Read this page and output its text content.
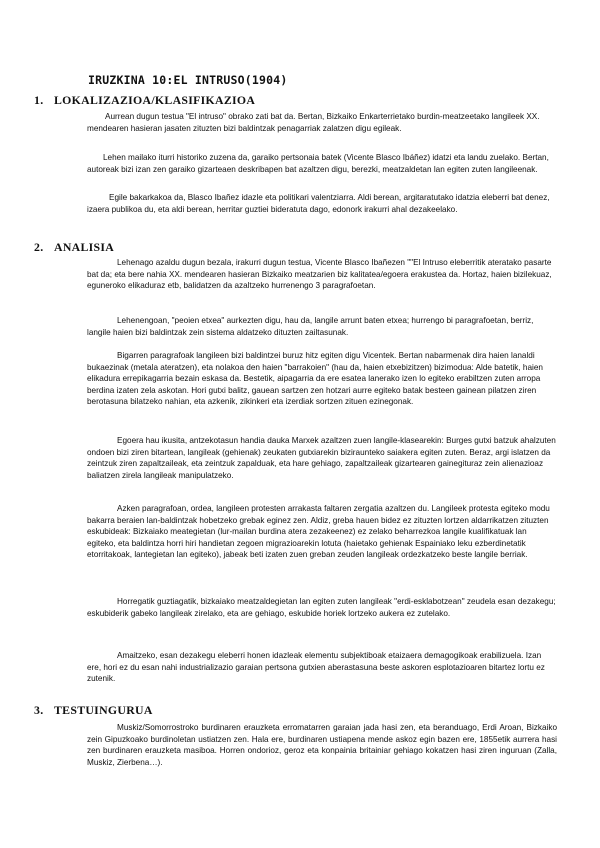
IRUZKINA 10:EL INTRUSO(1904)
1. LOKALIZAZIOA/KLASIFIKAZIOA

Aurrean dugun testua "El intruso" obrako zati bat da. Bertan, Bizkaiko Enkarterrietako burdin-meatzeetako langileek XX. mendearen hasieran jasaten zituzten bizi baldintzak penagarriak zalatzen digu egileak.

Lehen mailako iturri historiko zuzena da, garaiko pertsonaia batek (Vicente Blasco Ibáñez) idatzi eta landu zuelako. Bertan, autoreak bizi izan zen garaiko gizarteaen deskribapen bat azaltzen digu, berezki, meatzaldetan lan egiten zuten langileenak.

Egile bakarkakoa da, Blasco Ibañez idazle eta politikari valentziarra. Aldi berean, argitaratutako idatzia eleberri bat denez, izaera publikoa du, eta aldi berean, herritar guztiei bideratuta dago, edonork irakurri ahal dezakeelako.

2. ANALISIA

Lehenago azaldu dugun bezala, irakurri dugun testua, Vicente Blasco Ibañezen ""El Intruso eleberritik ateratako pasarte bat da; eta bere nahia XX. mendearen hasieran Bizkaiko meatzarien biz kalitatea/egoera erakustea da. Hortaz, haien bizilekuaz, eguneroko elikaduraz etb, balidatzen da azaltzeko hurrenengo 3 paragrafoetan.

Lehenengoan, "peoien etxea" aurkezten digu, hau da, langile arrunt baten etxea; hurrengo bi paragrafoetan, berriz, langile haien bizi baldintzak zein sistema aldatzeko dituzten zailtasunak.

Bigarren paragrafoak langileen bizi baldintzei buruz hitz egiten digu Vicentek. Bertan nabarmenak dira haien lanaldi bukaezinak (metala ateratzen), eta nolakoa den haien "barrakoien" (hau da, haien etxebizitzen) bizimodua: Alde batetik, haien elikadura errepikagarria bezain eskasa da. Bestetik, aipagarria da ere esatea lanerako izen lo egiteko erabiltzen zuten arropa berdina izaten zela askotan. Hori gutxi balitz, gauean sartzen zen hotzari aurre egiteko batak besteen gainean pilatzen ziren berotasuna bilatzeko nahian, eta azkenik, zikinkeri eta izerdiak sortzen zituen ezinegonak.

Egoera hau ikusita, antzekotasun handia dauka Marxek azaltzen zuen langile-klasearekin: Burges gutxi batzuk ahalzuten ondoen bizi ziren bitartean, langileak (gehienak) zeukaten gutxiarekin biziraunteko saiakera egiten zuten. Beraz, argi islatzen da zeintzuk ziren zapaltzaileak, eta zeintzuk zapalduak, eta hare gehiago, zapaltzaileak gizartearen gainegituraz zein alienazioaz baliatzen zirela langileak manipulatzeko.

Azken paragrafoan, ordea, langileen protesten arrakasta faltaren zergatia azaltzen du. Langileek protesta egiteko modu bakarra beraien lan-baldintzak hobetzeko grebak eginez zen. Aldiz, greba hauen bidez ez zituzten lortzen aldarrikatzen zituzten eskubideak: Bizkaiako meategietan (lur-mailan burdina atera zezakeenez) ez zelako beharrezkoa langile kualifikatuak lan egiteko, eta baldintza horri hiri handietan zegoen migrazioarekin lotuta (haietako gehienak Espainiako leku ezberdinetatik etorritakoak, lantegietan lan egiteko), jabeak beti izaten zuen greban zeuden langileak ordezkatzeko beste langile berriak.

Horregatik guztiagatik, bizkaiako meatzaldegietan lan egiten zuten langileak "erdi-esklabotzean" zeudela esan dezakegu; eskubiderik gabeko langileak zirelako, eta are gehiago, eskubide horiek lortzeko aukera ez zutelako.

Amaitzeko, esan dezakegu eleberri honen idazleak elementu subjektiboak etaizaera demagogikoak erabilizuela. Izan ere, hori ez du esan nahi industrializazio garaian pertsona gutxien aberastasuna beste askoren esplotazioaren bitartez lortu ez zutenik.

3. TESTUINGURUA

Muskiz/Somorrostroko burdinaren erauzketa erromatarren garaian jada hasi zen, eta beranduago, Erdi Aroan, Bizkaiko zein Gipuzkoako burdinoletan ustiatzen zen. Hala ere, burdinaren ustiapena mende askoz egin bazen ere, 1855etik aurrera hasi zen burdinaren erauzketa masiboa. Horren ondorioz, geroz eta konpainia britainiar gehiago kokatzen hasi ziren inguruan (Zalla, Muskiz, Zierbena…).
